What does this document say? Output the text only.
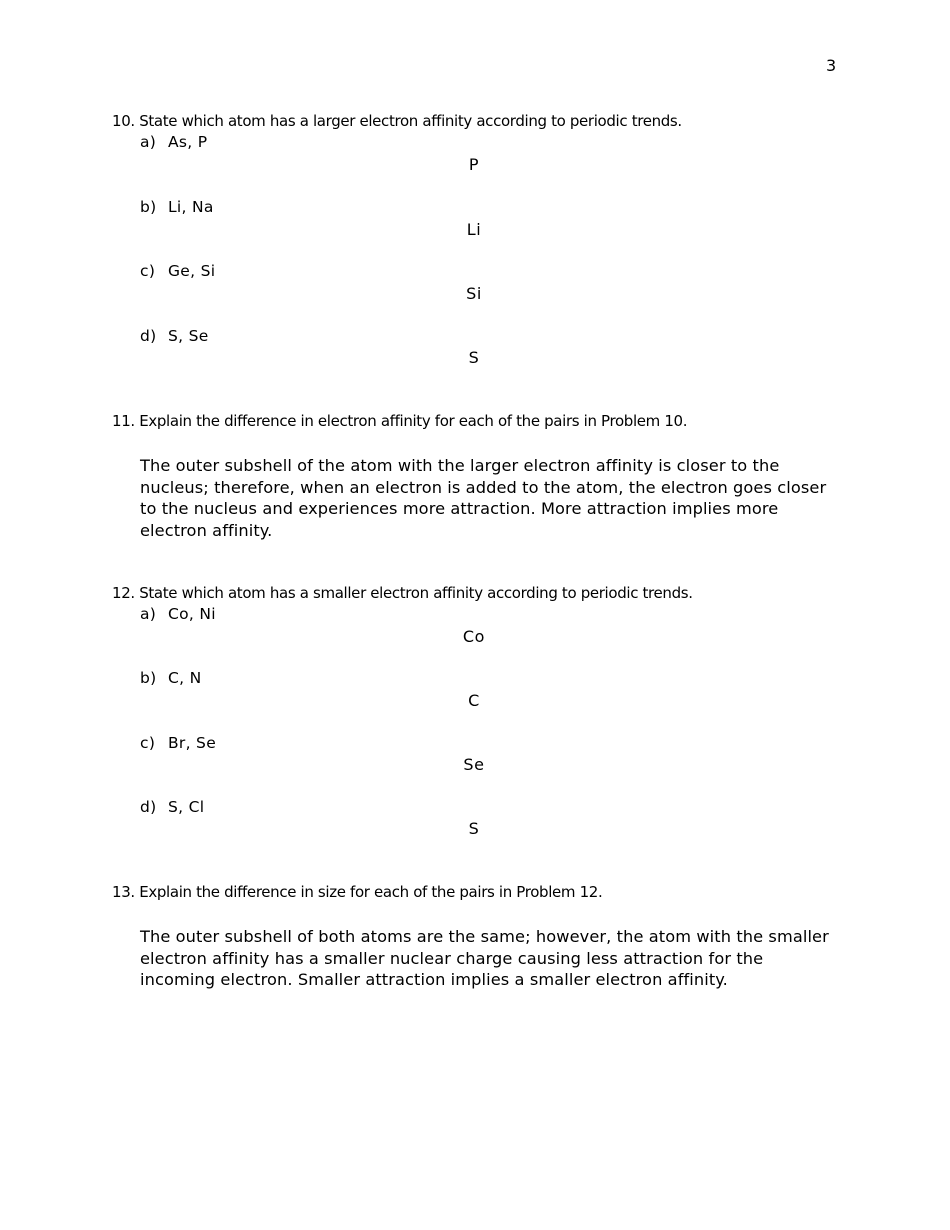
3
10. State which atom has a larger electron affinity according to periodic trends.
a) As, P
P
b) Li, Na
Li
c) Ge, Si
Si
d) S, Se
S
11. Explain the difference in electron affinity for each of the pairs in Problem 10.
The outer subshell of the atom with the larger electron affinity is closer to the nucleus; therefore, when an electron is added to the atom, the electron goes closer to the nucleus and experiences more attraction. More attraction implies more electron affinity.
12. State which atom has a smaller electron affinity according to periodic trends.
a) Co, Ni
Co
b) C, N
C
c) Br, Se
Se
d) S, Cl
S
13. Explain the difference in size for each of the pairs in Problem 12.
The outer subshell of both atoms are the same; however, the atom with the smaller electron affinity has a smaller nuclear charge causing less attraction for the incoming electron. Smaller attraction implies a smaller electron affinity.
